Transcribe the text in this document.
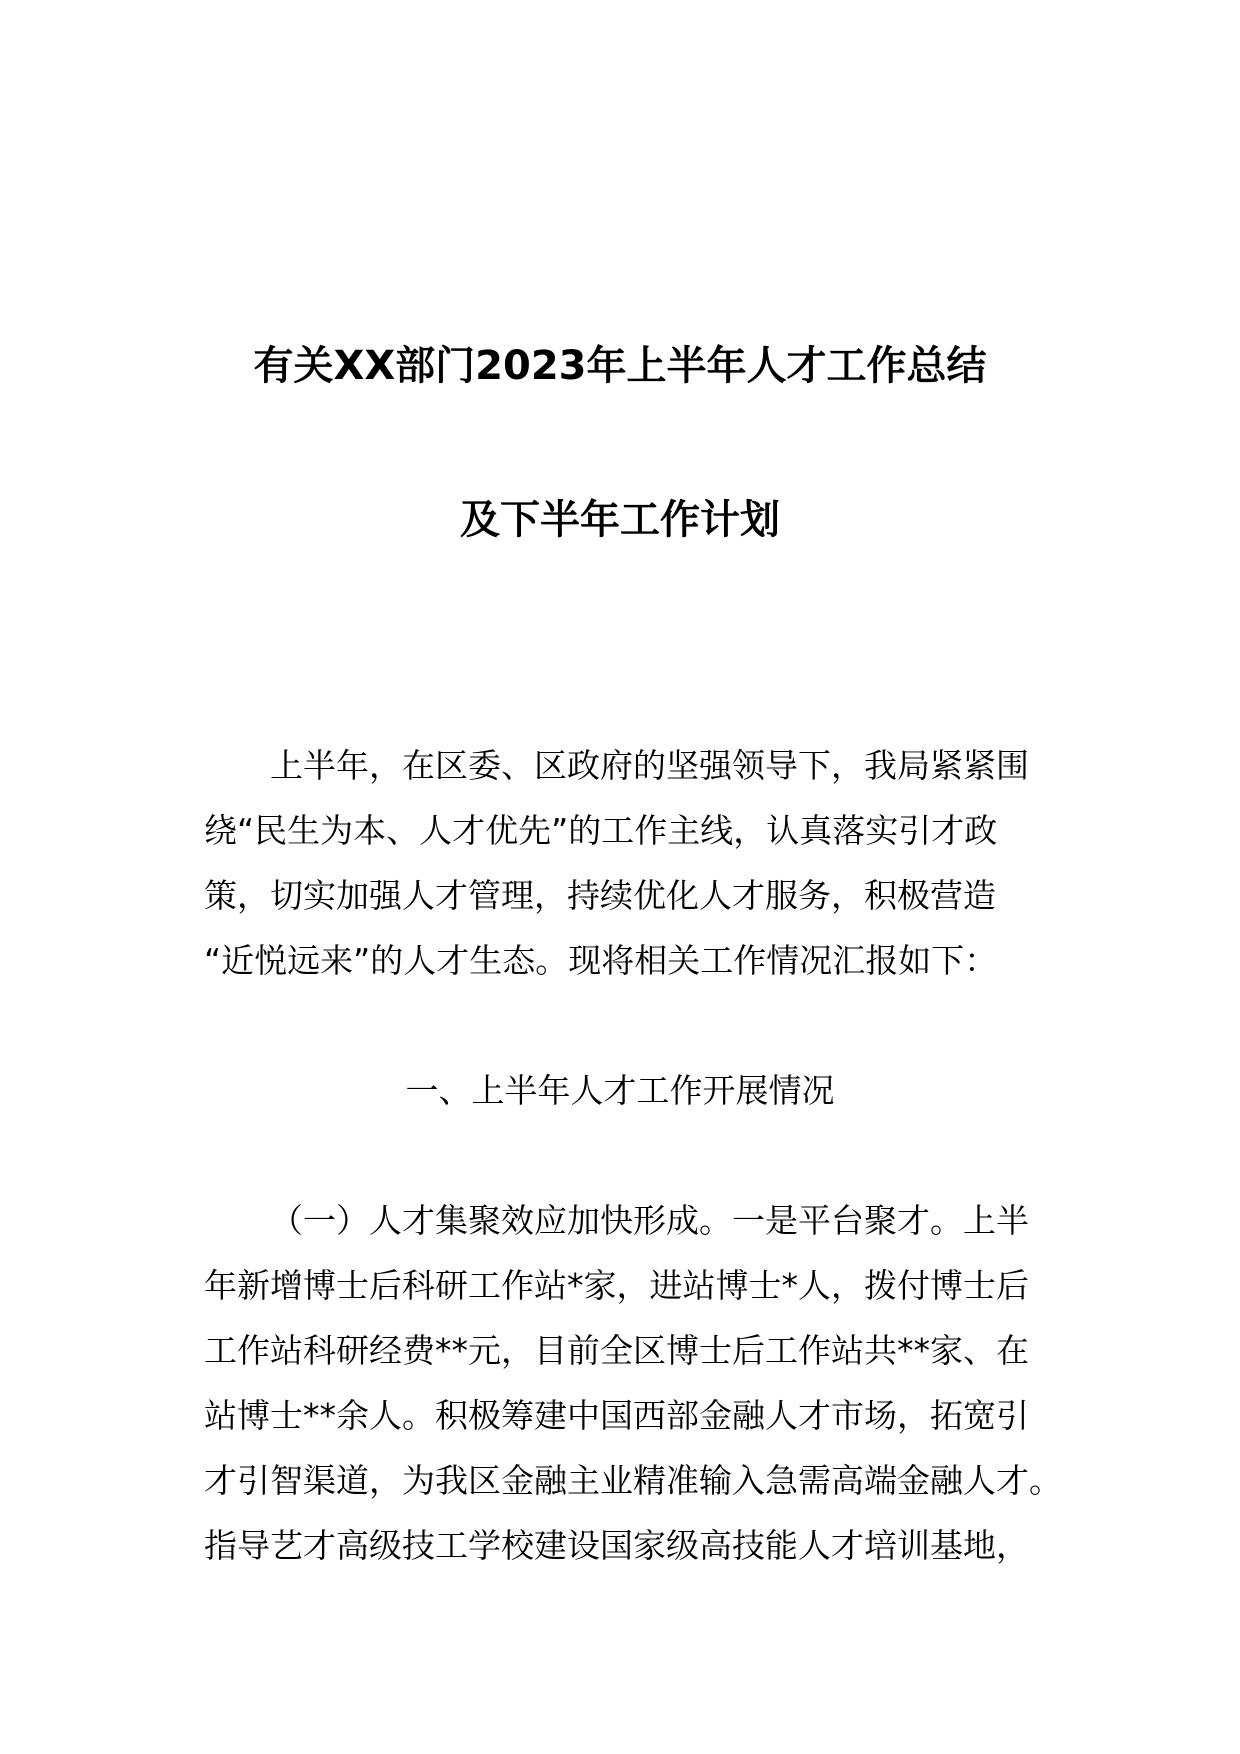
有关XX部门2023年上半年人才工作总结
及下半年工作计划
上半年，在区委、区政府的坚强领导下，我局紧紧围
绕“民生为本、人才优先”的工作主线，认真落实引才政
策，切实加强人才管理，持续优化人才服务，积极营造
“近悦远来”的人才生态。现将相关工作情况汇报如下：
一、上半年人才工作开展情况
（一）人才集聚效应加快形成。一是平台聚才。上半
年新增博士后科研工作站*家，进站博士*人，拨付博士后
工作站科研经费**元，目前全区博士后工作站共**家、在
站博士**余人。积极筹建中国西部金融人才市场，拓宽引
才引智渠道，为我区金融主业精准输入急需高端金融人才。
指导艺才高级技工学校建设国家级高技能人才培训基地，
